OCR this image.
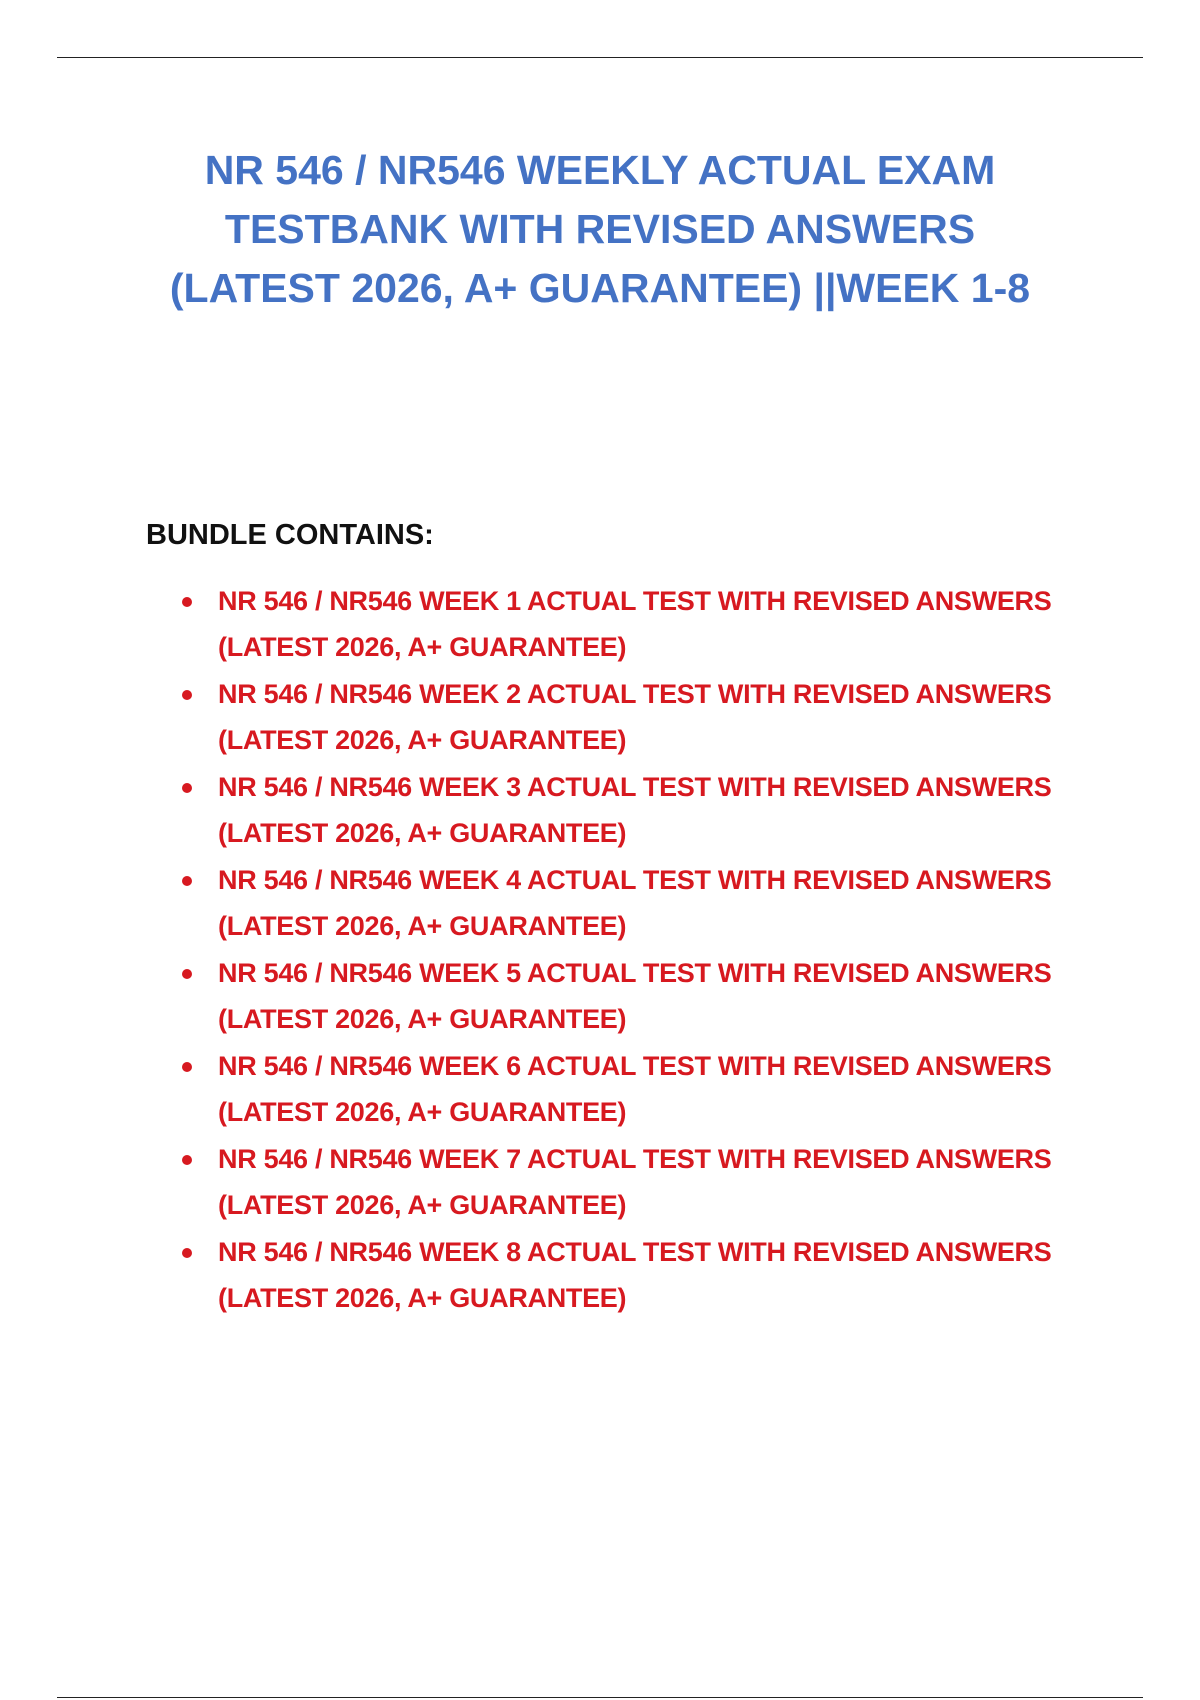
NR 546 / NR546 WEEKLY ACTUAL EXAM
TESTBANK WITH REVISED ANSWERS
(LATEST 2026, A+ GUARANTEE) ||WEEK 1-8
BUNDLE CONTAINS:
NR 546 / NR546 WEEK 1 ACTUAL TEST WITH REVISED ANSWERS
(LATEST 2026, A+ GUARANTEE)
NR 546 / NR546 WEEK 2 ACTUAL TEST WITH REVISED ANSWERS
(LATEST 2026, A+ GUARANTEE)
NR 546 / NR546 WEEK 3 ACTUAL TEST WITH REVISED ANSWERS
(LATEST 2026, A+ GUARANTEE)
NR 546 / NR546 WEEK 4 ACTUAL TEST WITH REVISED ANSWERS
(LATEST 2026, A+ GUARANTEE)
NR 546 / NR546 WEEK 5 ACTUAL TEST WITH REVISED ANSWERS
(LATEST 2026, A+ GUARANTEE)
NR 546 / NR546 WEEK 6 ACTUAL TEST WITH REVISED ANSWERS
(LATEST 2026, A+ GUARANTEE)
NR 546 / NR546 WEEK 7 ACTUAL TEST WITH REVISED ANSWERS
(LATEST 2026, A+ GUARANTEE)
NR 546 / NR546 WEEK 8 ACTUAL TEST WITH REVISED ANSWERS
(LATEST 2026, A+ GUARANTEE)
